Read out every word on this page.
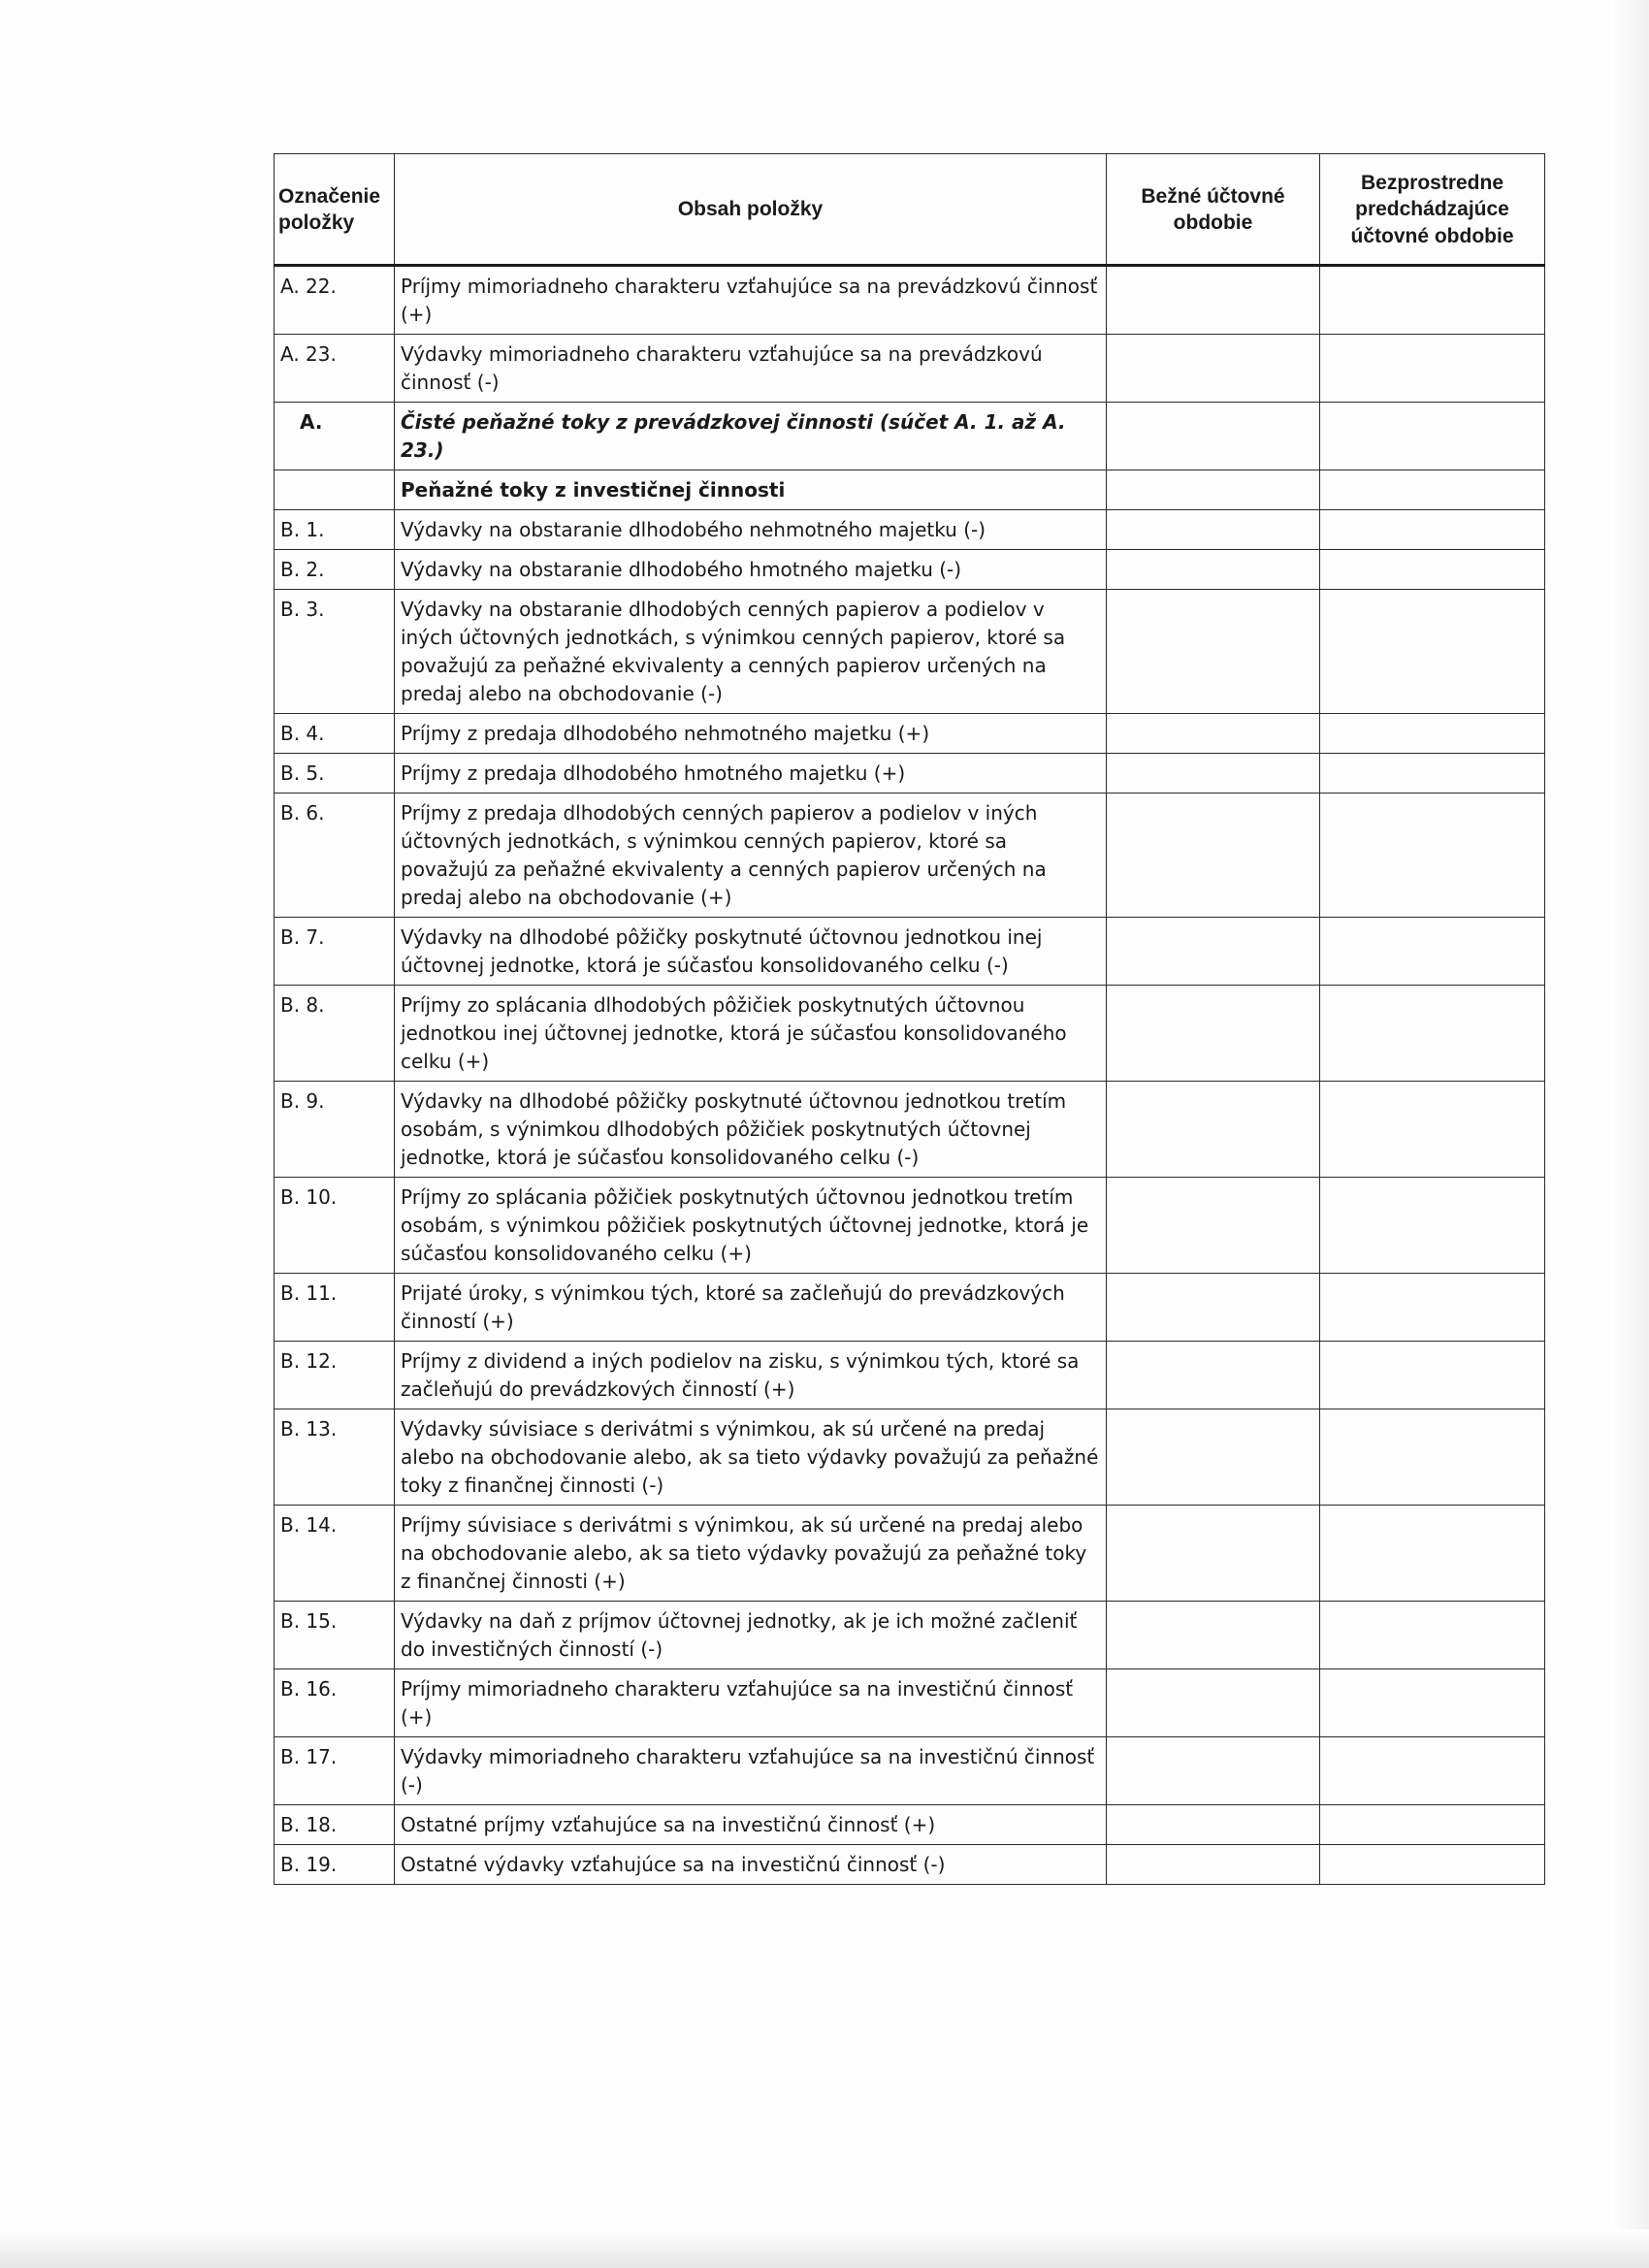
Označenie položky	Obsah položky	Bežné účtovné obdobie	Bezprostredne predchádzajúce účtovné obdobie
A. 22.	Príjmy mimoriadneho charakteru vzťahujúce sa na prevádzkovú činnosť (+)		
A. 23.	Výdavky mimoriadneho charakteru vzťahujúce sa na prevádzkovú činnosť (-)		
A.	Čisté peňažné toky z prevádzkovej činnosti (súčet A. 1. až A. 23.)		
	Peňažné toky z investičnej činnosti		
B. 1.	Výdavky na obstaranie dlhodobého nehmotného majetku (-)		
B. 2.	Výdavky na obstaranie dlhodobého hmotného majetku (-)		
B. 3.	Výdavky na obstaranie dlhodobých cenných papierov a podielov v iných účtovných jednotkách, s výnimkou cenných papierov, ktoré sa považujú za peňažné ekvivalenty a cenných papierov určených na predaj alebo na obchodovanie (-)		
B. 4.	Príjmy z predaja dlhodobého nehmotného majetku (+)		
B. 5.	Príjmy z predaja dlhodobého hmotného majetku (+)		
B. 6.	Príjmy z predaja dlhodobých cenných papierov a podielov v iných účtovných jednotkách, s výnimkou cenných papierov, ktoré sa považujú za peňažné ekvivalenty a cenných papierov určených na predaj alebo na obchodovanie (+)		
B. 7.	Výdavky na dlhodobé pôžičky poskytnuté účtovnou jednotkou inej účtovnej jednotke, ktorá je súčasťou konsolidovaného celku (-)		
B. 8.	Príjmy zo splácania dlhodobých pôžičiek poskytnutých účtovnou jednotkou inej účtovnej jednotke, ktorá je súčasťou konsolidovaného celku (+)		
B. 9.	Výdavky na dlhodobé pôžičky poskytnuté účtovnou jednotkou tretím osobám, s výnimkou dlhodobých pôžičiek poskytnutých účtovnej jednotke, ktorá je súčasťou konsolidovaného celku (-)		
B. 10.	Príjmy zo splácania pôžičiek poskytnutých účtovnou jednotkou tretím osobám, s výnimkou pôžičiek poskytnutých účtovnej jednotke, ktorá je súčasťou konsolidovaného celku (+)		
B. 11.	Prijaté úroky, s výnimkou tých, ktoré sa začleňujú do prevádzkových činností (+)		
B. 12.	Príjmy z dividend a iných podielov na zisku, s výnimkou tých, ktoré sa začleňujú do prevádzkových činností (+)		
B. 13.	Výdavky súvisiace s derivátmi s výnimkou, ak sú určené na predaj alebo na obchodovanie alebo, ak sa tieto výdavky považujú za peňažné toky z finančnej činnosti (-)		
B. 14.	Príjmy súvisiace s derivátmi s výnimkou, ak sú určené na predaj alebo na obchodovanie alebo, ak sa tieto výdavky považujú za peňažné toky z finančnej činnosti (+)		
B. 15.	Výdavky na daň z príjmov účtovnej jednotky, ak je ich možné začleniť do investičných činností (-)		
B. 16.	Príjmy mimoriadneho charakteru vzťahujúce sa na investičnú činnosť (+)		
B. 17.	Výdavky mimoriadneho charakteru vzťahujúce sa na investičnú činnosť (-)		
B. 18.	Ostatné príjmy vzťahujúce sa na investičnú činnosť (+)		
B. 19.	Ostatné výdavky vzťahujúce sa na investičnú činnosť (-)		
